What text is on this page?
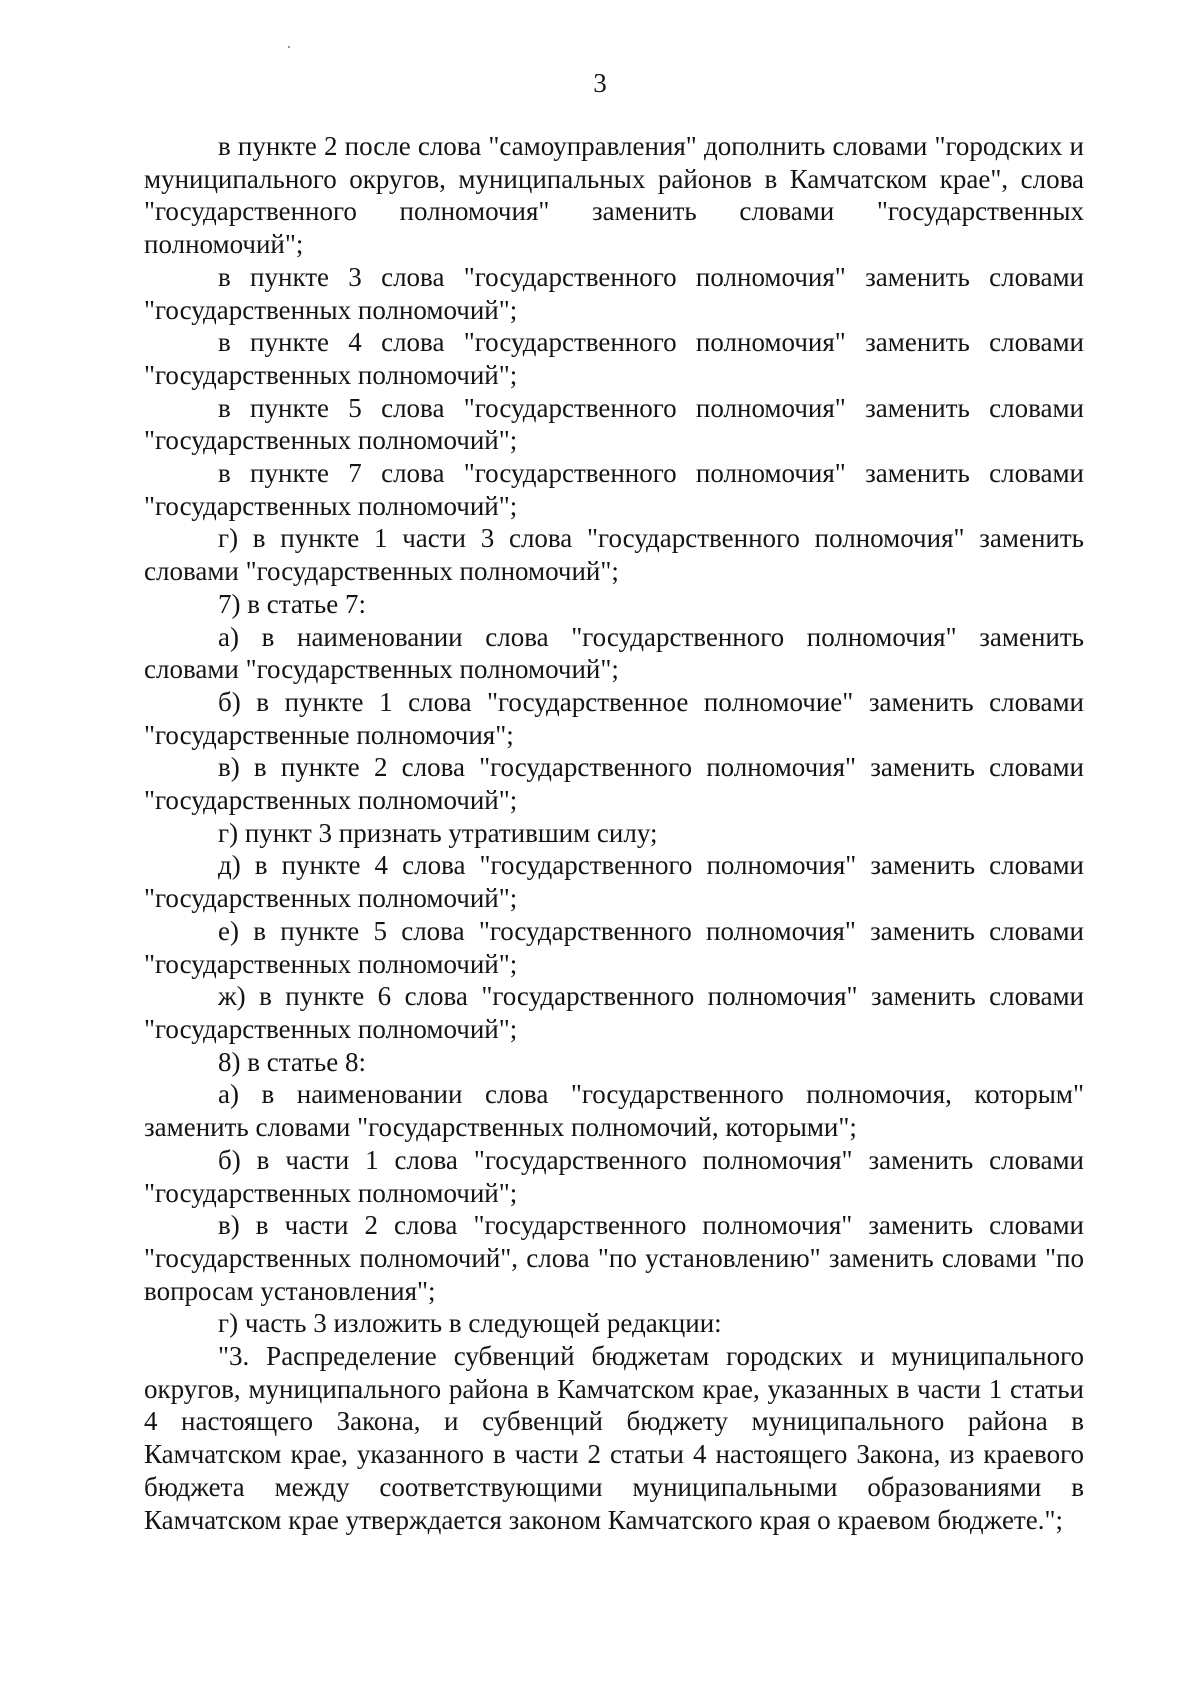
3

в пункте 2 после слова "самоуправления" дополнить словами "городских и муниципального округов, муниципальных районов в Камчатском крае", слова "государственного полномочия" заменить словами "государственных полномочий";

в пункте 3 слова "государственного полномочия" заменить словами "государственных полномочий";

в пункте 4 слова "государственного полномочия" заменить словами "государственных полномочий";

в пункте 5 слова "государственного полномочия" заменить словами "государственных полномочий";

в пункте 7 слова "государственного полномочия" заменить словами "государственных полномочий";

г) в пункте 1 части 3 слова "государственного полномочия" заменить словами "государственных полномочий";

7) в статье 7:

а) в наименовании слова "государственного полномочия" заменить словами "государственных полномочий";

б) в пункте 1 слова "государственное полномочие" заменить словами "государственные полномочия";

в) в пункте 2 слова "государственного полномочия" заменить словами "государственных полномочий";

г) пункт 3 признать утратившим силу;

д) в пункте 4 слова "государственного полномочия" заменить словами "государственных полномочий";

е) в пункте 5 слова "государственного полномочия" заменить словами "государственных полномочий";

ж) в пункте 6 слова "государственного полномочия" заменить словами "государственных полномочий";

8) в статье 8:

а) в наименовании слова "государственного полномочия, которым" заменить словами "государственных полномочий, которыми";

б) в части 1 слова "государственного полномочия" заменить словами "государственных полномочий";

в) в части 2 слова "государственного полномочия" заменить словами "государственных полномочий", слова "по установлению" заменить словами "по вопросам установления";

г) часть 3 изложить в следующей редакции:

"3. Распределение субвенций бюджетам городских и муниципального округов, муниципального района в Камчатском крае, указанных в части 1 статьи 4 настоящего Закона, и субвенций бюджету муниципального района в Камчатском крае, указанного в части 2 статьи 4 настоящего Закона, из краевого бюджета между соответствующими муниципальными образованиями в Камчатском крае утверждается законом Камчатского края о краевом бюджете.";
